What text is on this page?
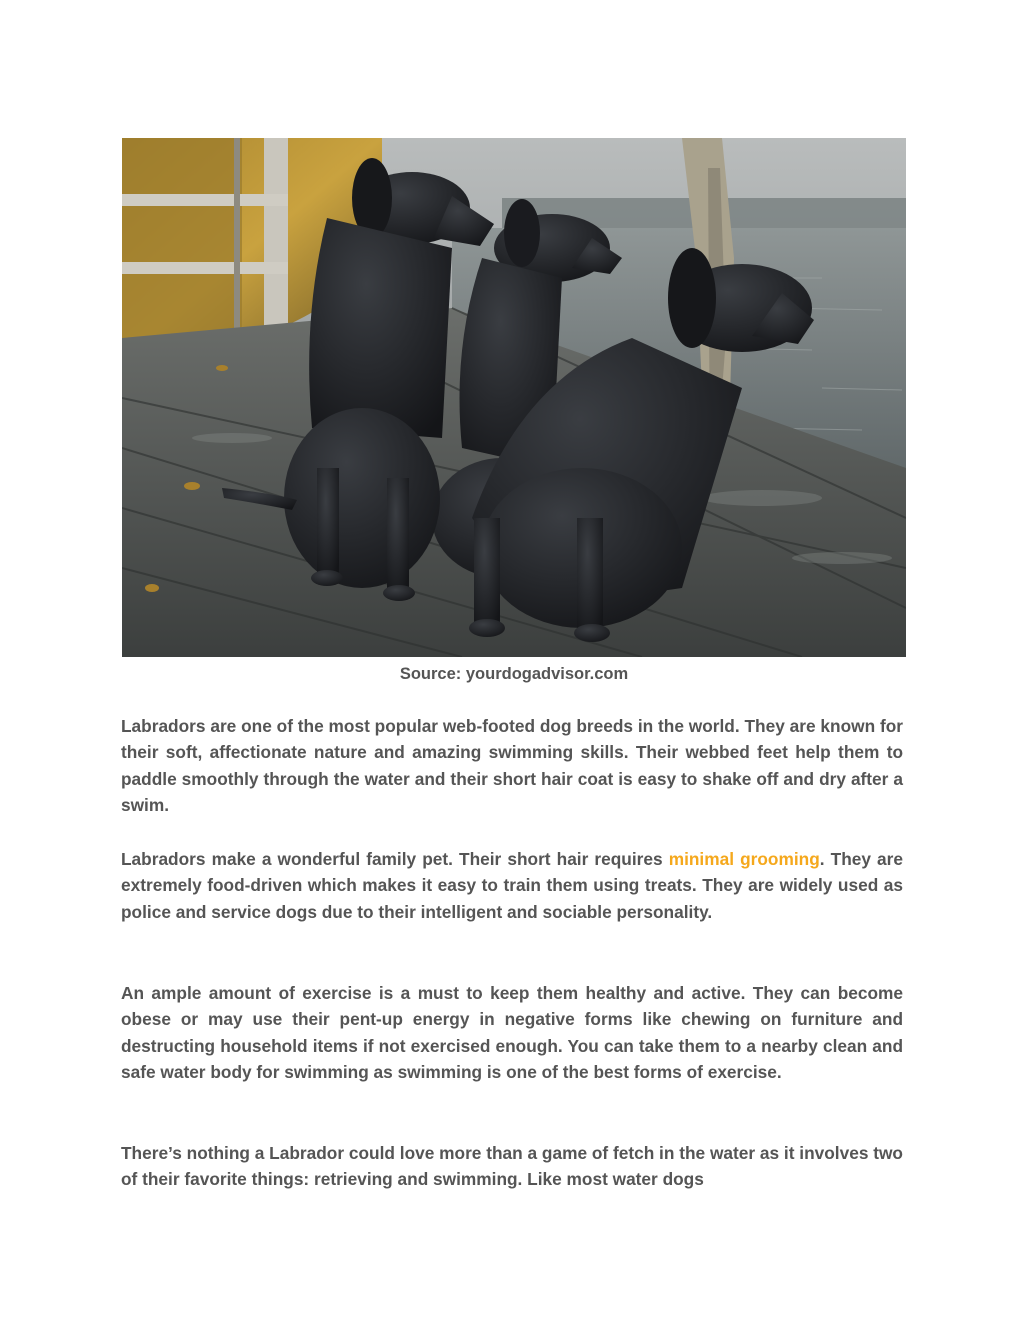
Source: yourdogadvisor.com

Labradors are one of the most popular web-footed dog breeds in the world. They are known for their soft, affectionate nature and amazing swimming skills. Their webbed feet help them to paddle smoothly through the water and their short hair coat is easy to shake off and dry after a swim.

Labradors make a wonderful family pet. Their short hair requires minimal grooming. They are extremely food-driven which makes it easy to train them using treats. They are widely used as police and service dogs due to their intelligent and sociable personality.

An ample amount of exercise is a must to keep them healthy and active. They can become obese or may use their pent-up energy in negative forms like chewing on furniture and destructing household items if not exercised enough. You can take them to a nearby clean and safe water body for swimming as swimming is one of the best forms of exercise.

There’s nothing a Labrador could love more than a game of fetch in the water as it involves two of their favorite things: retrieving and swimming. Like most water dogs
